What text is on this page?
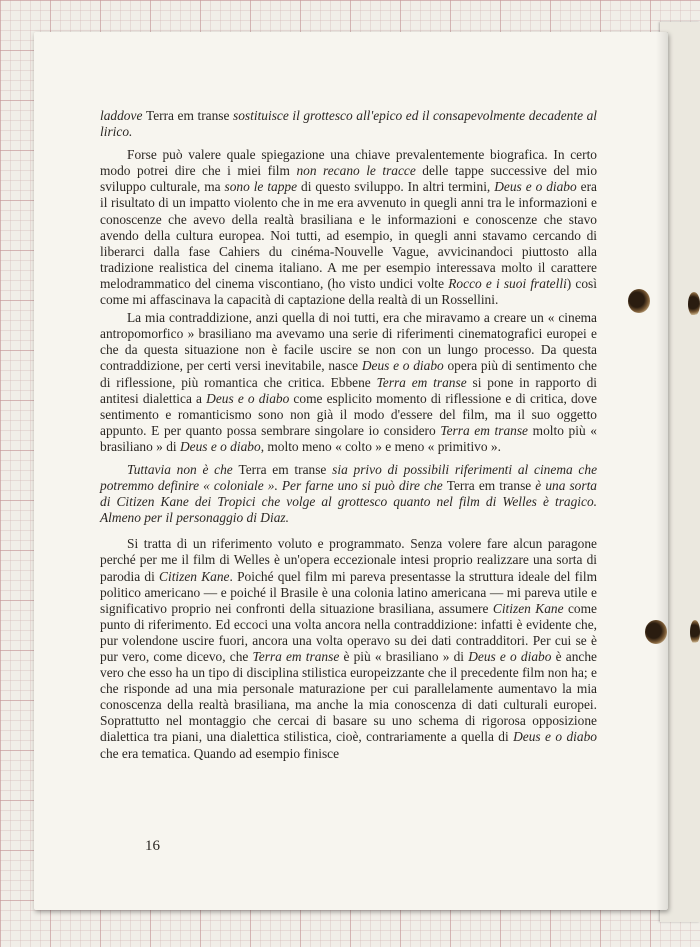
laddove Terra em transe sostituisce il grottesco all'epico ed il consapevolmente decadente al lirico.

Forse può valere quale spiegazione una chiave prevalentemente biografica. In certo modo potrei dire che i miei film non recano le tracce delle tappe successive del mio sviluppo culturale, ma sono le tappe di questo sviluppo. In altri termini, Deus e o diabo era il risultato di un impatto violento che in me era avvenuto in quegli anni tra le informazioni e conoscenze che avevo della realtà brasiliana e le informazioni e conoscenze che stavo avendo della cultura europea. Noi tutti, ad esempio, in quegli anni stavamo cercando di liberarci dalla fase Cahiers du cinéma-Nouvelle Vague, avvicinandoci piuttosto alla tradizione realistica del cinema italiano. A me per esempio interessava molto il carattere melodrammatico del cinema viscontiano, (ho visto undici volte Rocco e i suoi fratelli) così come mi affascinava la capacità di captazione della realtà di un Rossellini.

La mia contraddizione, anzi quella di noi tutti, era che miravamo a creare un « cinema antropomorfico » brasiliano ma avevamo una serie di riferimenti cinematografici europei e che da questa situazione non è facile uscire se non con un lungo processo. Da questa contraddizione, per certi versi inevitabile, nasce Deus e o diabo opera più di sentimento che di riflessione, più romantica che critica. Ebbene Terra em transe si pone in rapporto di antitesi dialettica a Deus e o diabo come esplicito momento di riflessione e di critica, dove sentimento e romanticismo sono non già il modo d'essere del film, ma il suo oggetto appunto. E per quanto possa sembrare singolare io considero Terra em transe molto più « brasiliano » di Deus e o diabo, molto meno « colto » e meno « primitivo ».

Tuttavia non è che Terra em transe sia privo di possibili riferimenti al cinema che potremmo definire « coloniale ». Per farne uno si può dire che Terra em transe è una sorta di Citizen Kane dei Tropici che volge al grottesco quanto nel film di Welles è tragico. Almeno per il personaggio di Diaz.

Si tratta di un riferimento voluto e programmato. Senza volere fare alcun paragone perché per me il film di Welles è un'opera eccezionale intesi proprio realizzare una sorta di parodia di Citizen Kane. Poiché quel film mi pareva presentasse la struttura ideale del film politico americano — e poiché il Brasile è una colonia latino americana — mi pareva utile e significativo proprio nei confronti della situazione brasiliana, assumere Citizen Kane come punto di riferimento. Ed eccoci una volta ancora nella contraddizione: infatti è evidente che, pur volendone uscire fuori, ancora una volta operavo su dei dati contradditori. Per cui se è pur vero, come dicevo, che Terra em transe è più « brasiliano » di Deus e o diabo è anche vero che esso ha un tipo di disciplina stilistica europeizzante che il precedente film non ha; e che risponde ad una mia personale maturazione per cui parallelamente aumentavo la mia conoscenza della realtà brasiliana, ma anche la mia conoscenza di dati culturali europei. Soprattutto nel montaggio che cercai di basare su uno schema di rigorosa opposizione dialettica tra piani, una dialettica stilistica, cioè, contrariamente a quella di Deus e o diabo che era tematica. Quando ad esempio finisce

16
